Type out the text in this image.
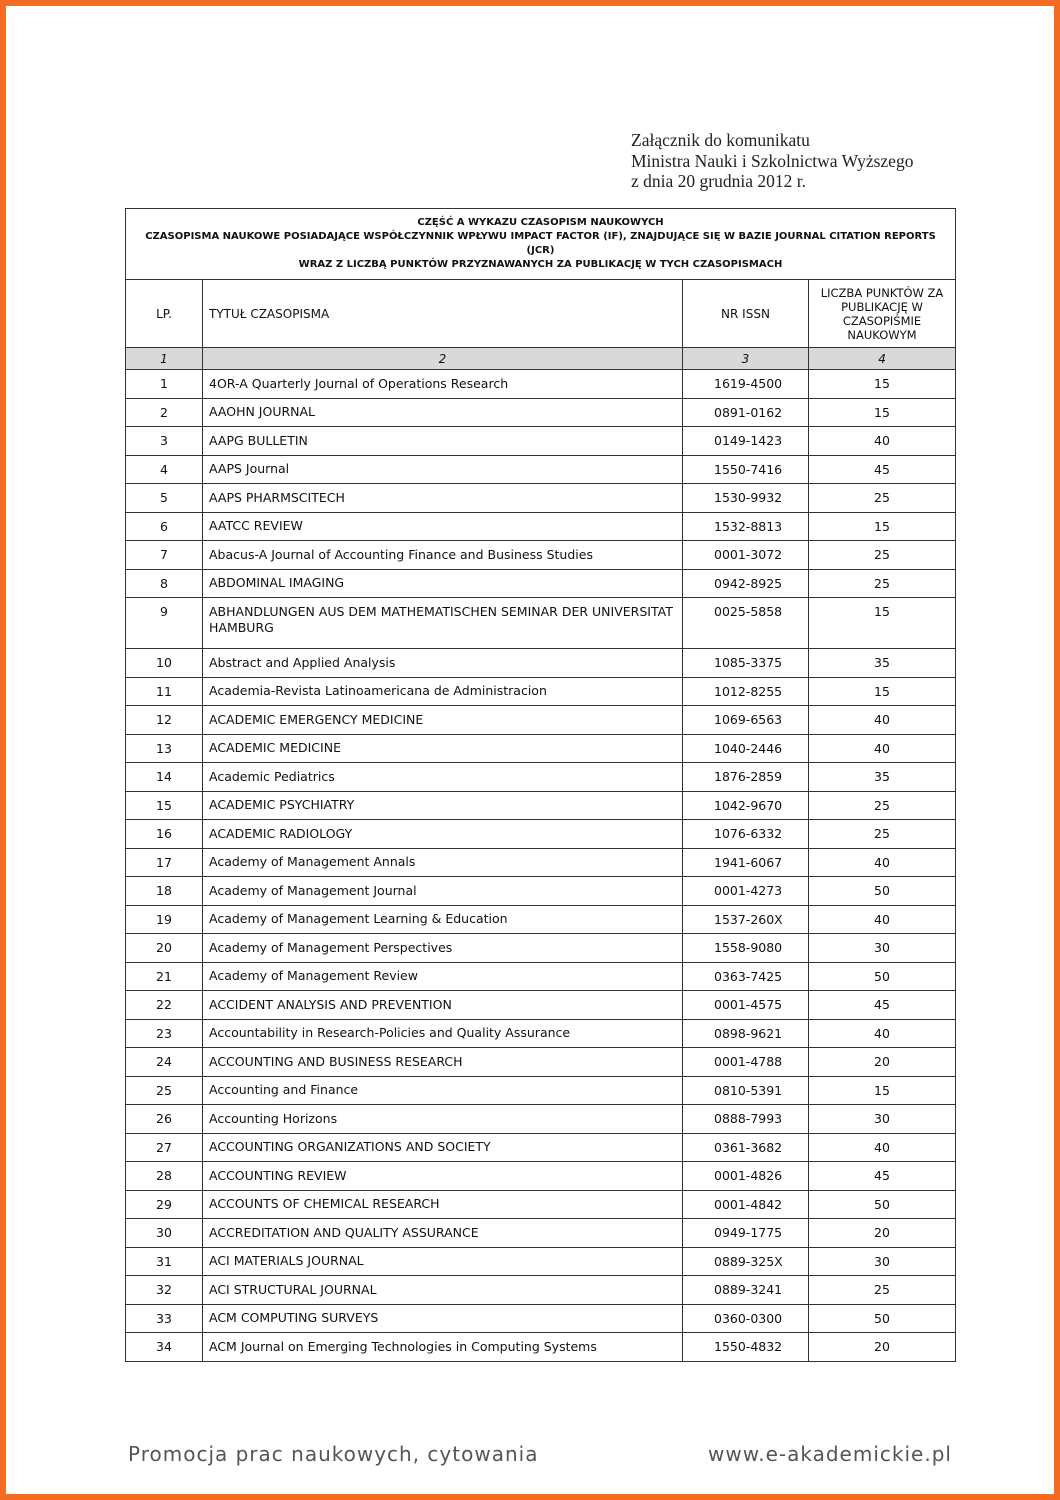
Załącznik do komunikatu
Ministra Nauki i Szkolnictwa Wyższego
z dnia 20 grudnia 2012 r.
CZĘŚĆ A WYKAZU CZASOPISM NAUKOWYCH
CZASOPISMA NAUKOWE POSIADAJĄCE WSPÓŁCZYNNIK WPŁYWU IMPACT FACTOR (IF), ZNAJDUJĄCE SIĘ W BAZIE JOURNAL CITATION REPORTS (JCR)
WRAZ Z LICZBĄ PUNKTÓW PRZYZNAWANYCH ZA PUBLIKACJĘ W TYCH CZASOPISMACH			

LP.	TYTUŁ CZASOPISMA	NR ISSN	LICZBA PUNKTÓW ZA PUBLIKACJĘ W CZASOPIŚMIE NAUKOWYM
1	2	3	4
1	4OR-A Quarterly Journal of Operations Research	1619-4500	15
2	AAOHN JOURNAL	0891-0162	15
3	AAPG BULLETIN	0149-1423	40
4	AAPS Journal	1550-7416	45
5	AAPS PHARMSCITECH	1530-9932	25
6	AATCC REVIEW	1532-8813	15
7	Abacus-A Journal of Accounting Finance and Business Studies	0001-3072	25
8	ABDOMINAL IMAGING	0942-8925	25
9	ABHANDLUNGEN AUS DEM MATHEMATISCHEN SEMINAR DER UNIVERSITAT HAMBURG	0025-5858	15
10	Abstract and Applied Analysis	1085-3375	35
11	Academia-Revista Latinoamericana de Administracion	1012-8255	15
12	ACADEMIC EMERGENCY MEDICINE	1069-6563	40
13	ACADEMIC MEDICINE	1040-2446	40
14	Academic Pediatrics	1876-2859	35
15	ACADEMIC PSYCHIATRY	1042-9670	25
16	ACADEMIC RADIOLOGY	1076-6332	25
17	Academy of Management Annals	1941-6067	40
18	Academy of Management Journal	0001-4273	50
19	Academy of Management Learning & Education	1537-260X	40
20	Academy of Management Perspectives	1558-9080	30
21	Academy of Management Review	0363-7425	50
22	ACCIDENT ANALYSIS AND PREVENTION	0001-4575	45
23	Accountability in Research-Policies and Quality Assurance	0898-9621	40
24	ACCOUNTING AND BUSINESS RESEARCH	0001-4788	20
25	Accounting and Finance	0810-5391	15
26	Accounting Horizons	0888-7993	30
27	ACCOUNTING ORGANIZATIONS AND SOCIETY	0361-3682	40
28	ACCOUNTING REVIEW	0001-4826	45
29	ACCOUNTS OF CHEMICAL RESEARCH	0001-4842	50
30	ACCREDITATION AND QUALITY ASSURANCE	0949-1775	20
31	ACI MATERIALS JOURNAL	0889-325X	30
32	ACI STRUCTURAL JOURNAL	0889-3241	25
33	ACM COMPUTING SURVEYS	0360-0300	50
34	ACM Journal on Emerging Technologies in Computing Systems	1550-4832	20
Promocja prac naukowych, cytowania	www.e-akademickie.pl
